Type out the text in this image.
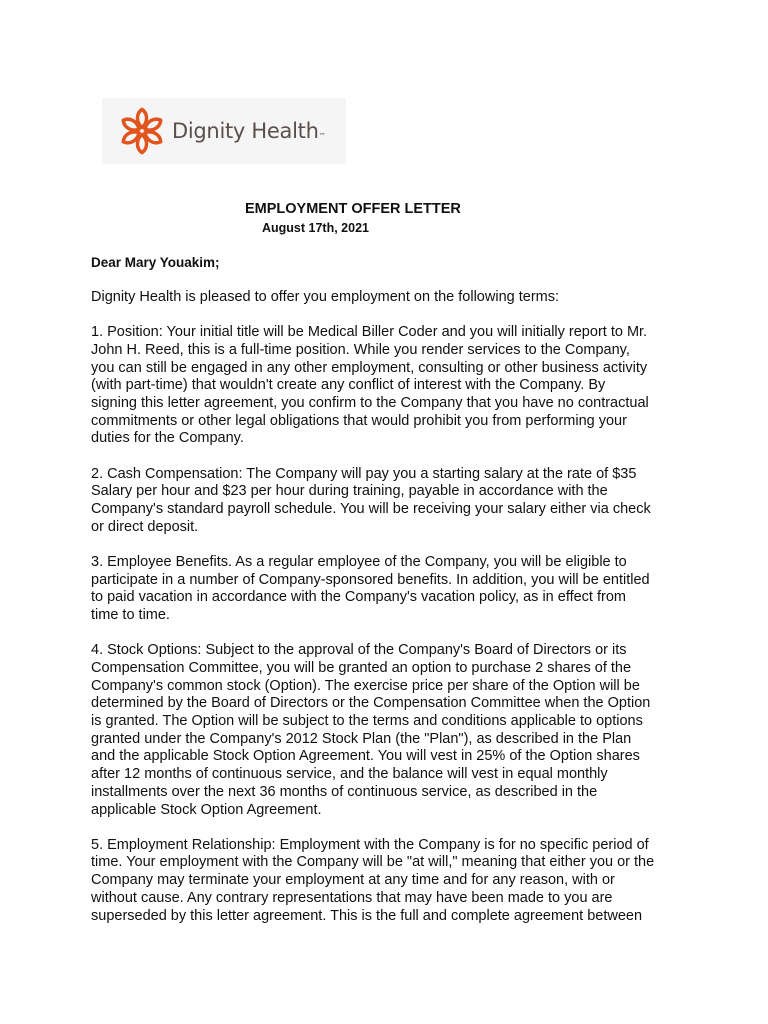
Dignity Health™
EMPLOYMENT OFFER LETTER
August 17th, 2021
Dear Mary Youakim;

Dignity Health is pleased to offer you employment on the following terms:

1. Position: Your initial title will be Medical Biller Coder and you will initially report to Mr.
John H. Reed, this is a full-time position. While you render services to the Company,
you can still be engaged in any other employment, consulting or other business activity
(with part-time) that wouldn't create any conflict of interest with the Company. By
signing this letter agreement, you confirm to the Company that you have no contractual
commitments or other legal obligations that would prohibit you from performing your
duties for the Company.

2. Cash Compensation: The Company will pay you a starting salary at the rate of $35
Salary per hour and $23 per hour during training, payable in accordance with the
Company's standard payroll schedule. You will be receiving your salary either via check
or direct deposit.

3. Employee Benefits. As a regular employee of the Company, you will be eligible to
participate in a number of Company-sponsored benefits. In addition, you will be entitled
to paid vacation in accordance with the Company's vacation policy, as in effect from
time to time.

4. Stock Options: Subject to the approval of the Company's Board of Directors or its
Compensation Committee, you will be granted an option to purchase 2 shares of the
Company's common stock (Option). The exercise price per share of the Option will be
determined by the Board of Directors or the Compensation Committee when the Option
is granted. The Option will be subject to the terms and conditions applicable to options
granted under the Company's 2012 Stock Plan (the "Plan"), as described in the Plan
and the applicable Stock Option Agreement. You will vest in 25% of the Option shares
after 12 months of continuous service, and the balance will vest in equal monthly
installments over the next 36 months of continuous service, as described in the
applicable Stock Option Agreement.

5. Employment Relationship: Employment with the Company is for no specific period of
time. Your employment with the Company will be "at will," meaning that either you or the
Company may terminate your employment at any time and for any reason, with or
without cause. Any contrary representations that may have been made to you are
superseded by this letter agreement. This is the full and complete agreement between
